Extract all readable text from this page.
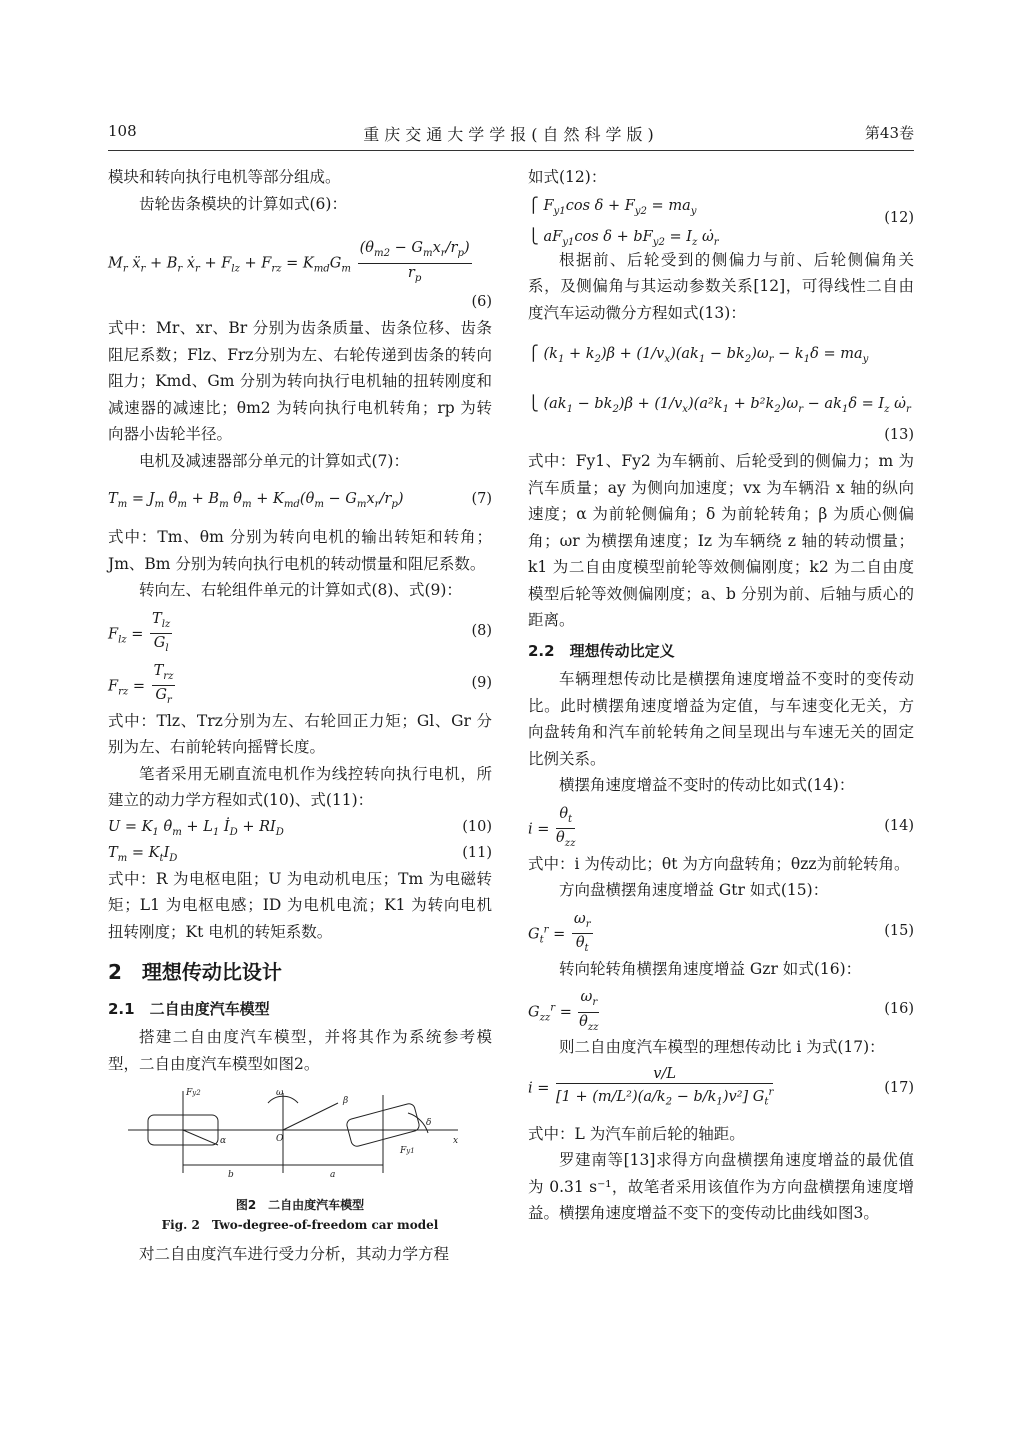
108	重庆交通大学学报(自然科学版)	第43卷

模块和转向执行电机等部分组成。

齿轮齿条模块的计算如式(6)：

$M_r$ ẍ$_r$ + $B_r$ ẋ$_r$ + $F_{lz} + F_{rz} = K_{md}G_m \frac{(\theta_{m2} - G_mx_r/r_p)}{r_p}$
(6)

式中：Mr、xr、Br 分别为齿条质量、齿条位移、齿条阻尼系数；Flz、Frz分别为左、右轮传递到齿条的转向阻力；Kmd、Gm 分别为转向执行电机轴的扭转刚度和减速器的减速比；θm2 为转向执行电机转角；rp 为转向器小齿轮半径。

电机及减速器部分单元的计算如式(7)：

$T_m = J_m$ $\thetä_m + B_m$ $\thetȧ_m + K_{md}(\theta_m - G_mx_r/r_p)$	(7)

式中：Tm、θm 分别为转向电机的输出转矩和转角；Jm、Bm 分别为转向执行电机的转动惯量和阻尼系数。

转向左、右轮组件单元的计算如式(8)、式(9)：

$F_{lz} = \frac{T_{lz}}{G_l}$	(8)
$F_{rz} = \frac{T_{rz}}{G_r}$	(9)

式中：Tlz、Trz分别为左、右轮回正力矩；Gl、Gr 分别为左、右前轮转向摇臂长度。

笔者采用无刷直流电机作为线控转向执行电机，所建立的动力学方程如式(10)、式(11)：

$U = K_1$ $\thetȧ_m + L_1$ $İ_D + RI_D$	(10)
$T_m = K_tI_D$	(11)

式中：R 为电枢电阻；U 为电动机电压；Tm 为电磁转矩；L1 为电枢电感；ID 为电机电流；K1 为转向电机扭转刚度；Kt 电机的转矩系数。

2　理想传动比设计
2.1　二自由度汽车模型

搭建二自由度汽车模型，并将其作为系统参考模型，二自由度汽车模型如图2。

Fy2	ω
O
β
δ
b	a
x
Fy1
α
图2　二自由度汽车模型
Fig. 2　Two-degree-of-freedom car model

对二自由度汽车进行受力分析，其动力学方程

如式(12)：

⎧ $F_{y1}\cos$ $\delta + F_{y2} = ma_y$
⎩ $aF_{y1}\cos$ $\delta + bF_{y2} = I_z$ $\omegȧ_r$
(12)

根据前、后轮受到的侧偏力与前、后轮侧偏角关系，及侧偏角与其运动参数关系[12]，可得线性二自由度汽车运动微分方程如式(13)：

⎧ $(k_1 + k_2)\beta + (1/v_x)(ak_1 - bk_2)\omega_r - k_1\delta = ma_y$
⎩ $(ak_1 - bk_2)\beta + (1/v_x)(a^2k_1 + b^2k_2)\omega_r - ak_1\delta = I_z$ $\omegȧ_r$
(13)

式中：Fy1、Fy2 为车辆前、后轮受到的侧偏力；m 为汽车质量；ay 为侧向加速度；vx 为车辆沿 x 轴的纵向速度；α 为前轮侧偏角；δ 为前轮转角；β 为质心侧偏角；ωr 为横摆角速度；Iz 为车辆绕 z 轴的转动惯量；k1 为二自由度模型前轮等效侧偏刚度；k2 为二自由度模型后轮等效侧偏刚度；a、b 分别为前、后轴与质心的距离。

2.2　理想传动比定义

车辆理想传动比是横摆角速度增益不变时的变传动比。此时横摆角速度增益为定值，与车速变化无关，方向盘转角和汽车前轮转角之间呈现出与车速无关的固定比例关系。

横摆角速度增益不变时的传动比如式(14)：

$i = \frac{\theta_t}{\theta_{zz}}$	(14)

式中：i 为传动比；θt 为方向盘转角；θzz为前轮转角。

方向盘横摆角速度增益 Gtr 如式(15)：

$G_t^r = \frac{\omega_r}{\theta_t}$	(15)

转向轮转角横摆角速度增益 Gzr 如式(16)：

$G_{zz}^r = \frac{\omega_r}{\theta_{zz}}$	(16)

则二自由度汽车模型的理想传动比 i 为式(17)：

$i = \frac{v/L}{[1 + (m/L^2)(a/k_2 - b/k_1)v^2] G_t^r}$	(17)

式中：L 为汽车前后轮的轴距。

罗建南等[13]求得方向盘横摆角速度增益的最优值为 0.31 s⁻¹，故笔者采用该值作为方向盘横摆角速度增益。横摆角速度增益不变下的变传动比曲线如图3。
